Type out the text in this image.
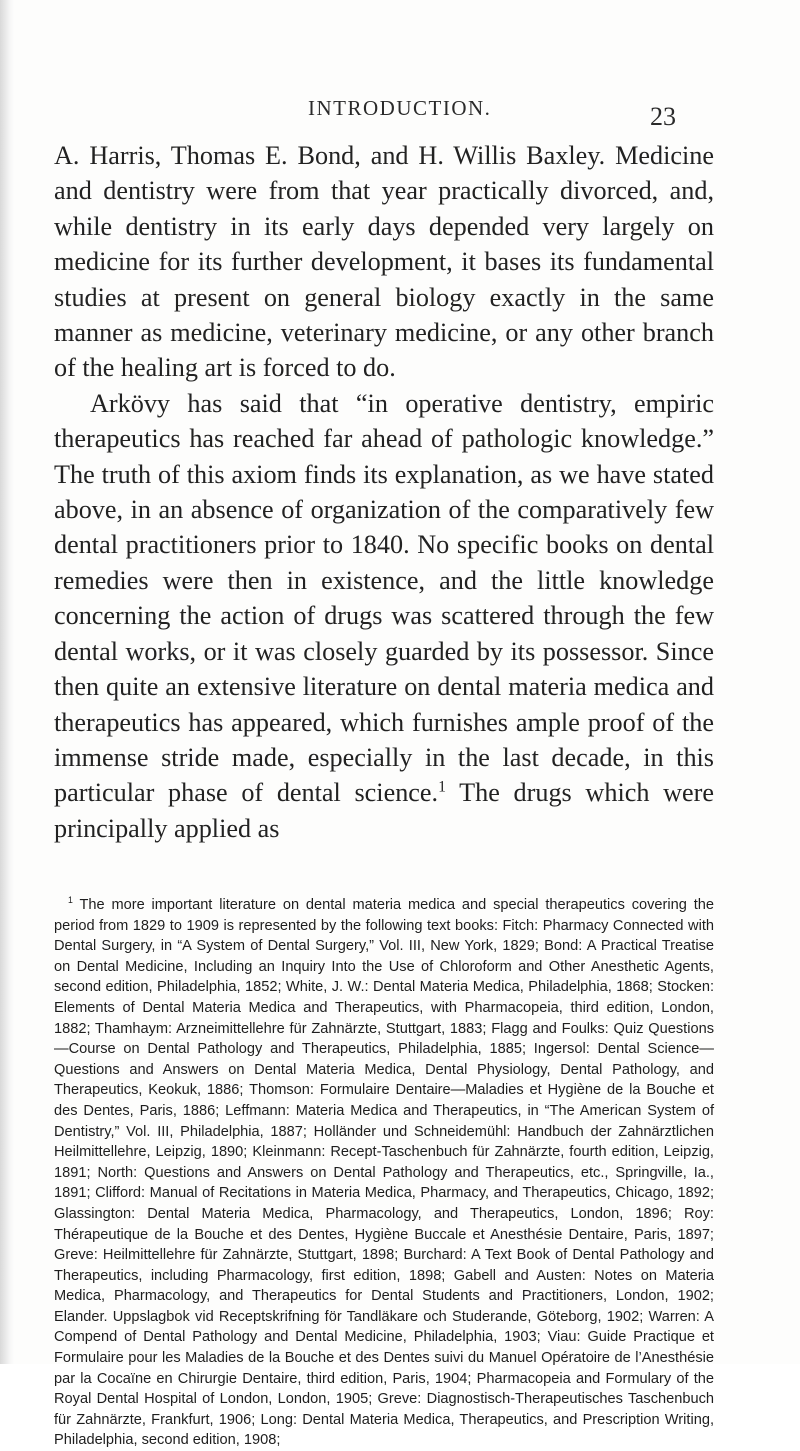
INTRODUCTION.	23

A. Harris, Thomas E. Bond, and H. Willis Baxley. Medicine and dentistry were from that year practically divorced, and, while dentistry in its early days depended very largely on medicine for its further development, it bases its fundamental studies at present on general biology exactly in the same manner as medicine, veterinary medicine, or any other branch of the healing art is forced to do.

Arkövy has said that “in operative dentistry, empiric therapeutics has reached far ahead of pathologic knowledge.” The truth of this axiom finds its explanation, as we have stated above, in an absence of organization of the comparatively few dental practitioners prior to 1840. No specific books on dental remedies were then in existence, and the little knowledge concerning the action of drugs was scattered through the few dental works, or it was closely guarded by its possessor. Since then quite an extensive literature on dental materia medica and therapeutics has appeared, which furnishes ample proof of the immense stride made, especially in the last decade, in this particular phase of dental science.$^1$ The drugs which were principally applied as

$^1$ The more important literature on dental materia medica and special therapeutics covering the period from 1829 to 1909 is represented by the following text books: Fitch: Pharmacy Connected with Dental Surgery, in “A System of Dental Surgery,” Vol. III, New York, 1829; Bond: A Practical Treatise on Dental Medicine, Including an Inquiry Into the Use of Chloroform and Other Anesthetic Agents, second edition, Philadelphia, 1852; White, J. W.: Dental Materia Medica, Philadelphia, 1868; Stocken: Elements of Dental Materia Medica and Therapeutics, with Pharmacopeia, third edition, London, 1882; Thamhaym: Arzneimittellehre für Zahnärzte, Stuttgart, 1883; Flagg and Foulks: Quiz Questions—Course on Dental Pathology and Therapeutics, Philadelphia, 1885; Ingersol: Dental Science—Questions and Answers on Dental Materia Medica, Dental Physiology, Dental Pathology, and Therapeutics, Keokuk, 1886; Thomson: Formulaire Dentaire—Maladies et Hygiène de la Bouche et des Dentes, Paris, 1886; Leffmann: Materia Medica and Therapeutics, in “The American System of Dentistry,” Vol. III, Philadelphia, 1887; Holländer und Schneidemühl: Handbuch der Zahnärztlichen Heilmittellehre, Leipzig, 1890; Kleinmann: Recept-Taschenbuch für Zahnärzte, fourth edition, Leipzig, 1891; North: Questions and Answers on Dental Pathology and Therapeutics, etc., Springville, Ia., 1891; Clifford: Manual of Recitations in Materia Medica, Pharmacy, and Therapeutics, Chicago, 1892; Glassington: Dental Materia Medica, Pharmacology, and Therapeutics, London, 1896; Roy: Thérapeutique de la Bouche et des Dentes, Hygiène Buccale et Anesthésie Dentaire, Paris, 1897; Greve: Heilmittellehre für Zahnärzte, Stuttgart, 1898; Burchard: A Text Book of Dental Pathology and Therapeutics, including Pharmacology, first edition, 1898; Gabell and Austen: Notes on Materia Medica, Pharmacology, and Therapeutics for Dental Students and Practitioners, London, 1902; Elander. Uppslagbok vid Receptskrifning för Tandläkare och Studerande, Göteborg, 1902; Warren: A Compend of Dental Pathology and Dental Medicine, Philadelphia, 1903; Viau: Guide Practique et Formulaire pour les Maladies de la Bouche et des Dentes suivi du Manuel Opératoire de l’Anesthésie par la Cocaïne en Chirurgie Dentaire, third edition, Paris, 1904; Pharmacopeia and Formulary of the Royal Dental Hospital of London, London, 1905; Greve: Diagnostisch-Therapeutisches Taschenbuch für Zahnärzte, Frankfurt, 1906; Long: Dental Materia Medica, Therapeutics, and Prescription Writing, Philadelphia, second edition, 1908;
